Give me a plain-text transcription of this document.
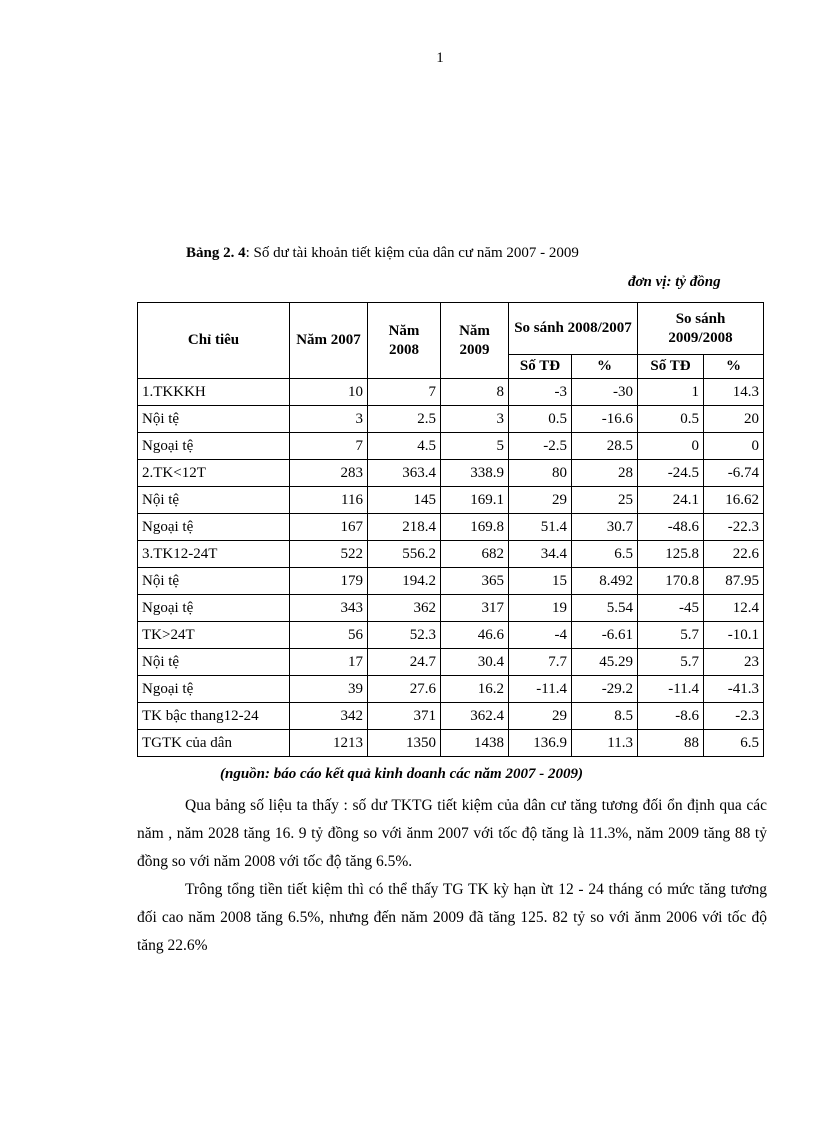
1
Bảng 2. 4: Số dư tài khoản tiết kiệm của dân cư năm 2007 - 2009
đơn vị: tỷ đồng
Chỉ tiêu	Năm 2007	Năm 2008	Năm 2009	So sánh 2008/2007		So sánh 2009/2008	
				Số TĐ	%	Số TĐ	%
1.TKKKH	10	7	8	-3	-30	1	14.3
Nội tệ	3	2.5	3	0.5	-16.6	0.5	20
Ngoại tệ	7	4.5	5	-2.5	28.5	0	0
2.TK<12T	283	363.4	338.9	80	28	-24.5	-6.74
Nội tệ	116	145	169.1	29	25	24.1	16.62
Ngoại tệ	167	218.4	169.8	51.4	30.7	-48.6	-22.3
3.TK12-24T	522	556.2	682	34.4	6.5	125.8	22.6
Nội tệ	179	194.2	365	15	8.492	170.8	87.95
Ngoại tệ	343	362	317	19	5.54	-45	12.4
TK>24T	56	52.3	46.6	-4	-6.61	5.7	-10.1
Nội tệ	17	24.7	30.4	7.7	45.29	5.7	23
Ngoại tệ	39	27.6	16.2	-11.4	-29.2	-11.4	-41.3
TK bậc thang12-24	342	371	362.4	29	8.5	-8.6	-2.3
TGTK của dân	1213	1350	1438	136.9	11.3	88	6.5
(nguồn: báo cáo kết quả kinh doanh các năm 2007 - 2009)

Qua bảng số liệu ta thấy : số dư TKTG tiết kiệm của dân cư tăng tương đối ổn định qua các năm , năm 2028 tăng 16. 9 tỷ đồng so với ănm 2007 với tốc độ tăng là 11.3%, năm 2009 tăng 88 tỷ đồng so với năm 2008 với tốc độ tăng 6.5%.

Trông tổng tiền tiết kiệm thì có thể thấy TG TK kỳ hạn ừt 12 - 24 tháng có mức tăng tương đối cao năm 2008 tăng 6.5%, nhưng đến năm 2009 đã tăng 125. 82 tỷ so với ănm 2006 với tốc độ tăng 22.6%
